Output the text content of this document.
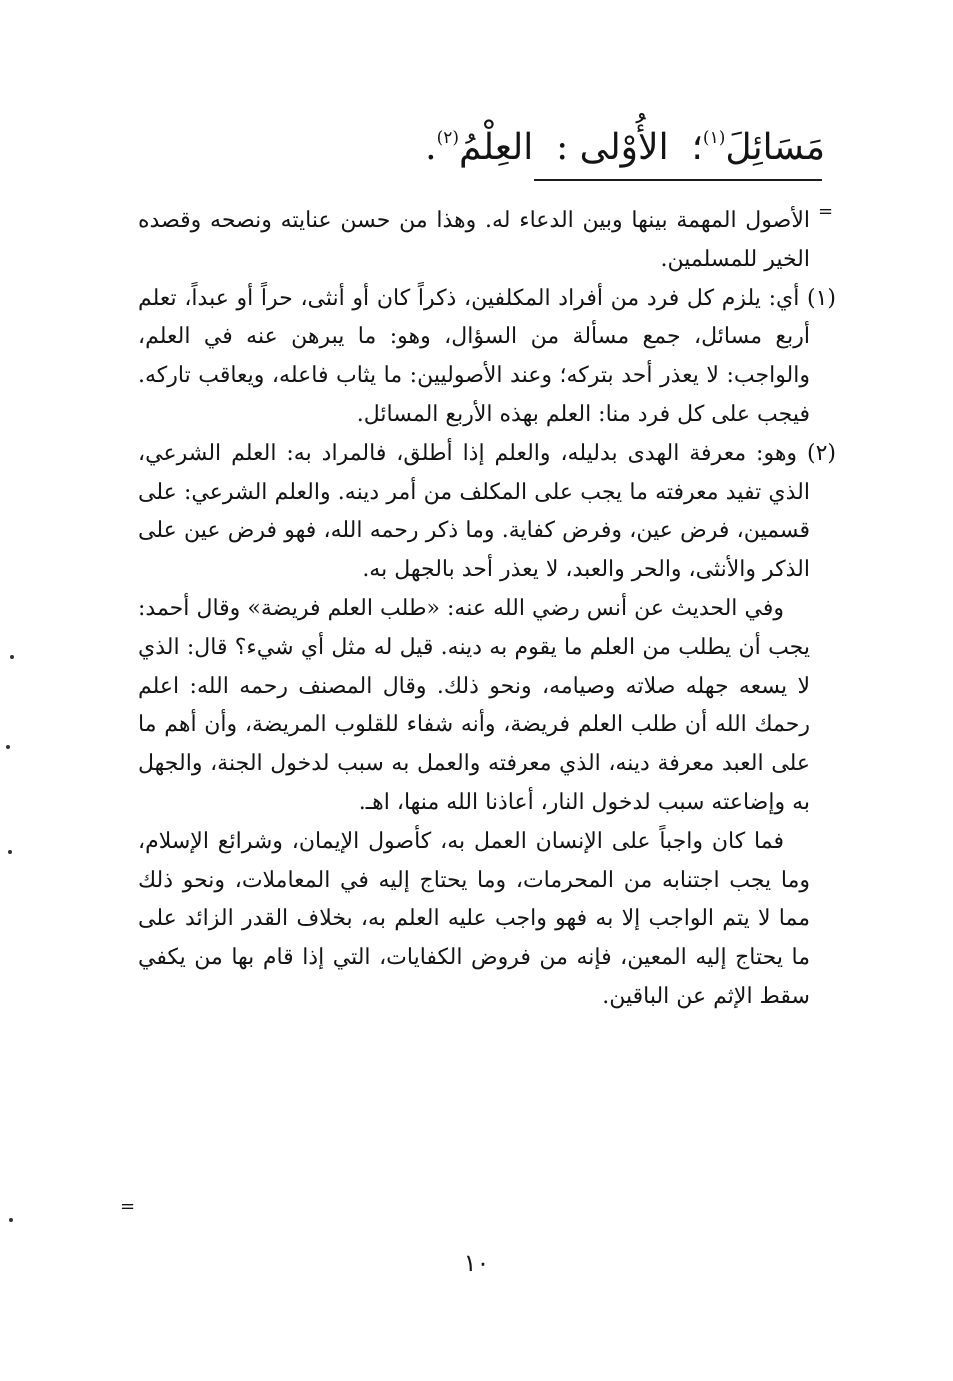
مَسَائِلَ$^{(١)}$؛  الأُوْلى :  العِلْمُ$^{(٢)}$.
=

الأصول المهمة بينها وبين الدعاء له. وهذا من حسن عنايته ونصحه وقصده الخير للمسلمين.

(١) أي: يلزم كل فرد من أفراد المكلفين، ذكراً كان أو أنثى، حراً أو عبداً، تعلم أربع مسائل، جمع مسألة من السؤال، وهو: ما يبرهن عنه في العلم، والواجب: لا يعذر أحد بتركه؛ وعند الأصوليين: ما يثاب فاعله، ويعاقب تاركه. فيجب على كل فرد منا: العلم بهذه الأربع المسائل.

(٢) وهو: معرفة الهدى بدليله، والعلم إذا أطلق، فالمراد به: العلم الشرعي، الذي تفيد معرفته ما يجب على المكلف من أمر دينه. والعلم الشرعي: على قسمين، فرض عين، وفرض كفاية. وما ذكر رحمه الله، فهو فرض عين على الذكر والأنثى، والحر والعبد، لا يعذر أحد بالجهل به.

وفي الحديث عن أنس رضي الله عنه: «طلب العلم فريضة» وقال أحمد: يجب أن يطلب من العلم ما يقوم به دينه. قيل له مثل أي شيء؟ قال: الذي لا يسعه جهله صلاته وصيامه، ونحو ذلك. وقال المصنف رحمه الله: اعلم رحمك الله أن طلب العلم فريضة، وأنه شفاء للقلوب المريضة، وأن أهم ما على العبد معرفة دينه، الذي معرفته والعمل به سبب لدخول الجنة، والجهل به وإضاعته سبب لدخول النار، أعاذنا الله منها، اهـ.

فما كان واجباً على الإنسان العمل به، كأصول الإيمان، وشرائع الإسلام، وما يجب اجتنابه من المحرمات، وما يحتاج إليه في المعاملات، ونحو ذلك مما لا يتم الواجب إلا به فهو واجب عليه العلم به، بخلاف القدر الزائد على ما يحتاج إليه المعين، فإنه من فروض الكفايات، التي إذا قام بها من يكفي سقط الإثم عن الباقين.

=
١٠
